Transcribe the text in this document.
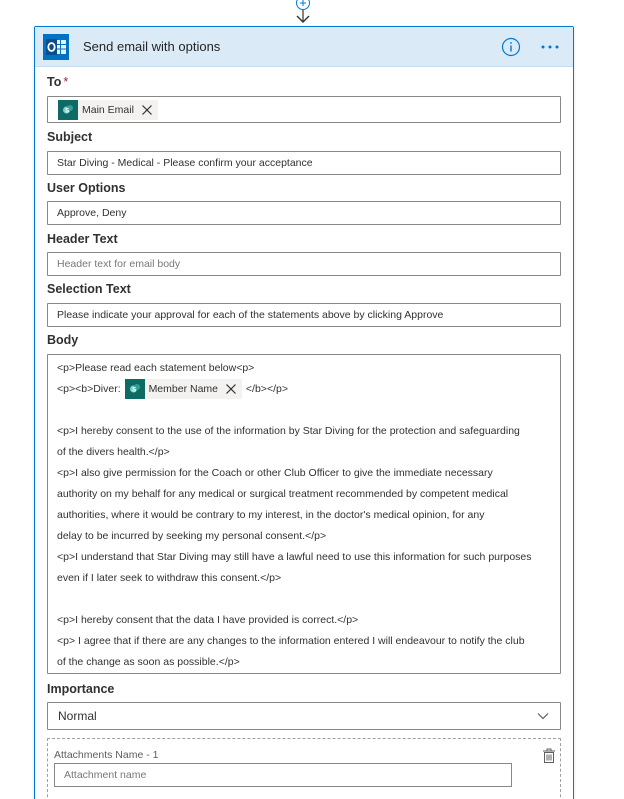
Send email with options
To *
S Main Email
Subject
Star Diving - Medical - Please confirm your acceptance
User Options
Approve, Deny
Header Text
Header text for email body
Selection Text
Please indicate your approval for each of the statements above by clicking Approve
Body
<p>Please read each statement below<p>
<p><b>Diver: S Member Name	</b></p>
<p>I hereby consent to the use of the information by Star Diving for the protection and safeguarding
of the divers health.</p>
<p>I also give permission for the Coach or other Club Officer to give the immediate necessary
authority on my behalf for any medical or surgical treatment recommended by competent medical
authorities, where it would be contrary to my interest, in the doctor's medical opinion, for any
delay to be incurred by seeking my personal consent.</p>
<p>I understand that Star Diving may still have a lawful need to use this information for such purposes
even if I later seek to withdraw this consent.</p>
<p>I hereby consent that the data I have provided is correct.</p>
<p> I agree that if there are any changes to the information entered I will endeavour to notify the club
of the change as soon as possible.</p>
Importance
Normal
Attachments Name - 1
Attachment name
